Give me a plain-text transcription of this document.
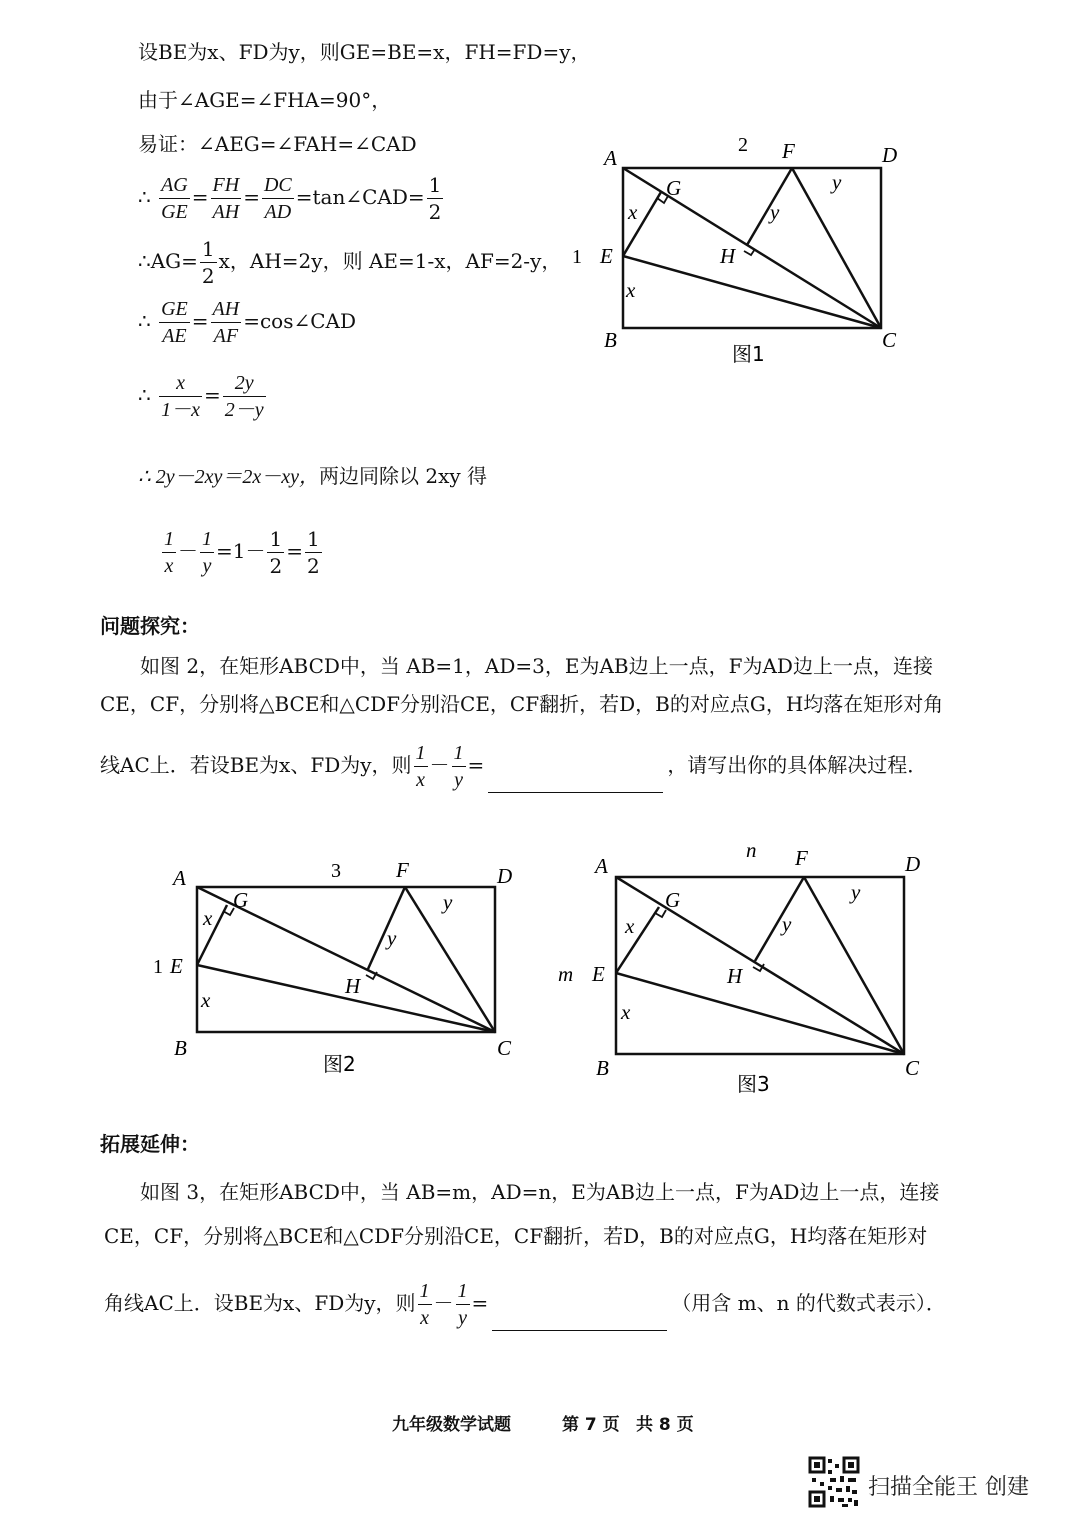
设BE为x、FD为y，则GE=BE=x，FH=FD=y，
由于∠AGE=∠FHA=90°，
易证：∠AEG=∠FAH=∠CAD
∴ $\frac{AG}{GE} = \frac{FH}{AH} = \frac{DC}{AD}$ =tan∠CAD= $\frac{1}{2}$
∴AG= $\frac{1}{2}$ x，AH=2y，则 AE=1-x，AF=2-y，
∴ $\frac{GE}{AE} = \frac{AH}{AF}$ =cos∠CAD
∴ $\frac{x}{1-x} = \frac{2y}{2-y}$
∴ 2y－2xy＝2x－xy，两边同除以 2xy 得
$\frac{1}{x} - \frac{1}{y} =1- \frac{1}{2} = \frac{1}{2}$
A	F	D
E
B	C
G
H
2
1
x
x
y
y
图1
问题探究：
如图 2，在矩形ABCD中，当 AB=1，AD=3，E为AB边上一点，F为AD边上一点，连接
CE，CF，分别将△BCE和△CDF分别沿CE，CF翻折，若D，B的对应点G，H均落在矩形对角
线AC上．若设BE为x、FD为y，则 $\frac{1}{x} - \frac{1}{y}$ =	，请写出你的具体解决过程．
A	F	D
E
B	C
G
H
3
1
x
x
y
y
图2
A	F	D
E
B	C
G
H
n
m
x
x
y
y
图3
拓展延伸：
如图 3，在矩形ABCD中，当 AB=m，AD=n，E为AB边上一点，F为AD边上一点，连接
CE，CF，分别将△BCE和△CDF分别沿CE，CF翻折，若D，B的对应点G，H均落在矩形对
角线AC上．设BE为x、FD为y，则 $\frac{1}{x} - \frac{1}{y}$ =	（用含 m、n 的代数式表示）．
九年级数学试题	第 7 页 共 8 页
扫描全能王 创建
